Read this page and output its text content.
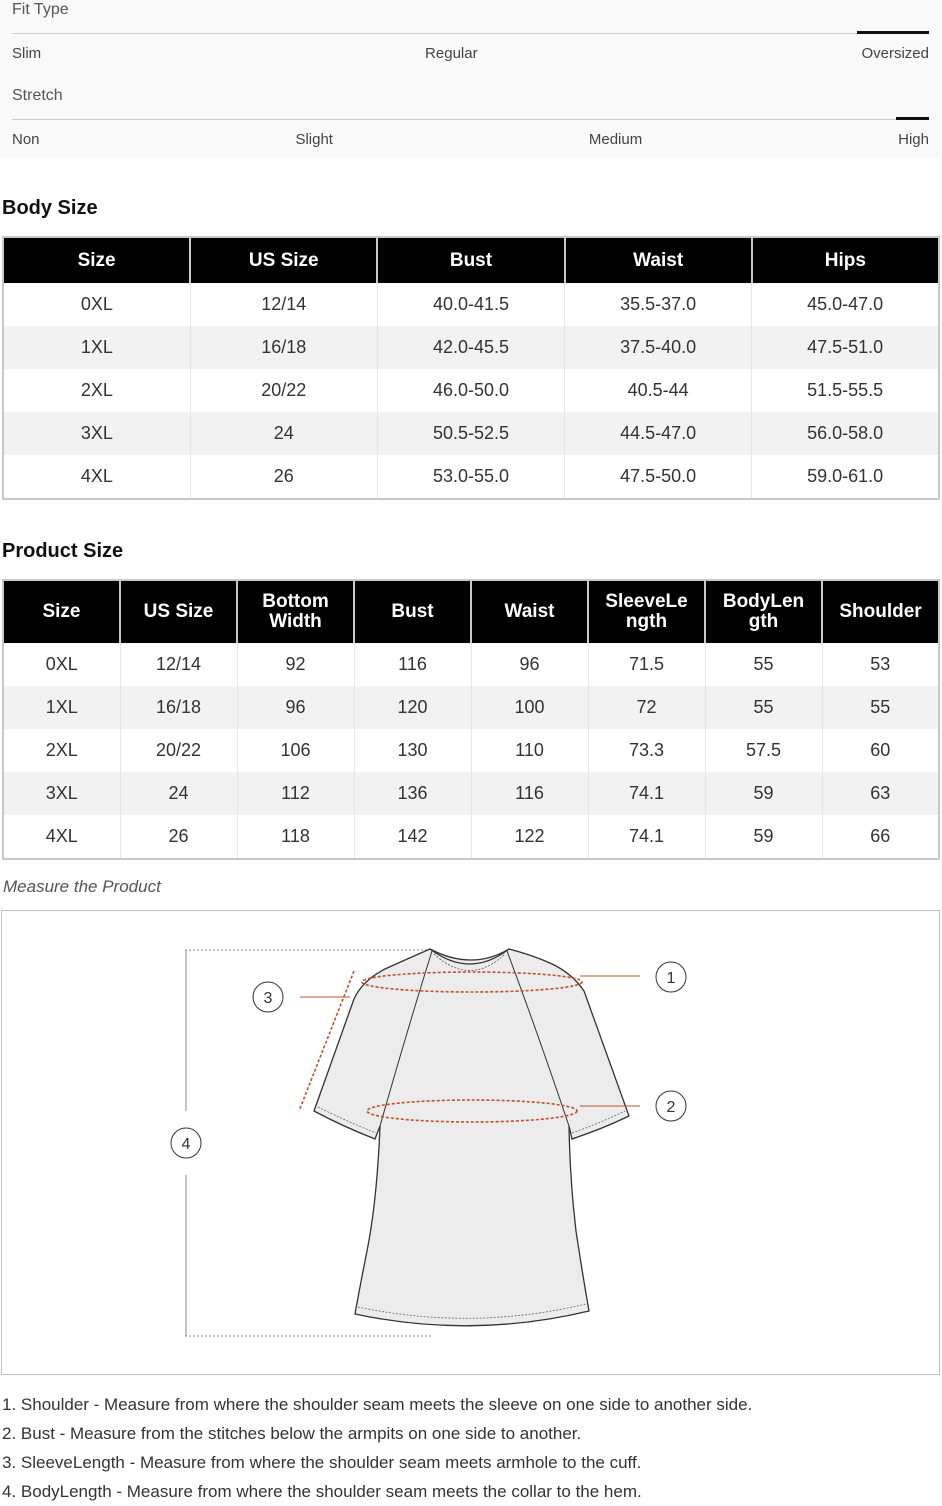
Fit Type
Slim	Regular	Oversized
Stretch
Non	Slight	Medium	High
Body Size
Size	US Size	Bust	Waist	Hips
0XL	12/14	40.0-41.5	35.5-37.0	45.0-47.0
1XL	16/18	42.0-45.5	37.5-40.0	47.5-51.0
2XL	20/22	46.0-50.0	40.5-44	51.5-55.5
3XL	24	50.5-52.5	44.5-47.0	56.0-58.0
4XL	26	53.0-55.0	47.5-50.0	59.0-61.0
Product Size
Size	US Size	Bottom Width	Bust	Waist	SleeveLe ngth	BodyLen gth	Shoulder
0XL	12/14	92	116	96	71.5	55	53
1XL	16/18	96	120	100	72	55	55
2XL	20/22	106	130	110	73.3	57.5	60
3XL	24	112	136	116	74.1	59	63
4XL	26	118	142	122	74.1	59	66
Measure the Product
1
2
3
4
1. Shoulder - Measure from where the shoulder seam meets the sleeve on one side to another side.
2. Bust - Measure from the stitches below the armpits on one side to another.
3. SleeveLength - Measure from where the shoulder seam meets armhole to the cuff.
4. BodyLength - Measure from where the shoulder seam meets the collar to the hem.
